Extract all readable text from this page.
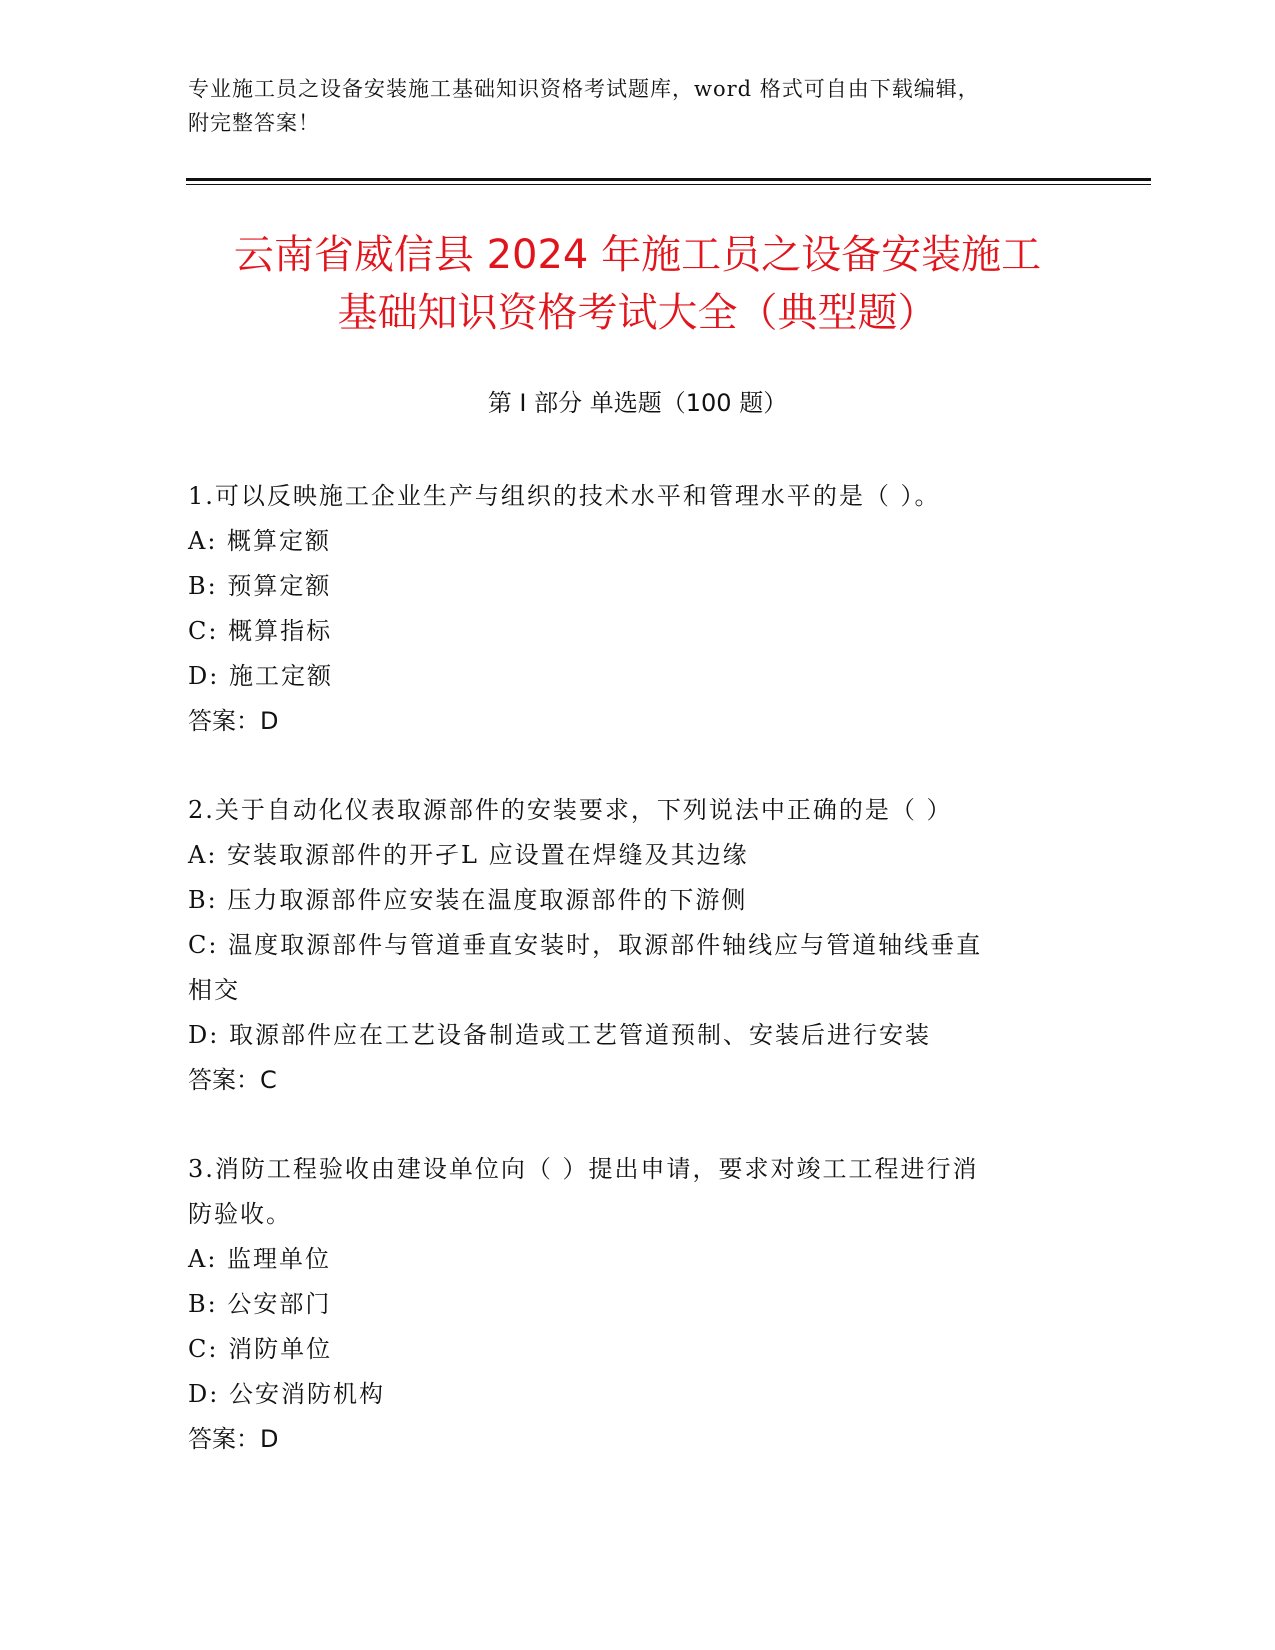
专业施工员之设备安装施工基础知识资格考试题库，word 格式可自由下载编辑，
附完整答案！
云南省威信县 2024 年施工员之设备安装施工
基础知识资格考试大全（典型题）
第 I 部分 单选题（100 题）

1.可以反映施工企业生产与组织的技术水平和管理水平的是（ ）。

A: 概算定额

B: 预算定额

C: 概算指标

D: 施工定额

答案：D

2.关于自动化仪表取源部件的安装要求，下列说法中正确的是（ ）

A: 安装取源部件的开孑L 应设置在焊缝及其边缘

B: 压力取源部件应安装在温度取源部件的下游侧

C: 温度取源部件与管道垂直安装时，取源部件轴线应与管道轴线垂直

相交

D: 取源部件应在工艺设备制造或工艺管道预制、安装后进行安装

答案：C

3.消防工程验收由建设单位向（ ）提出申请，要求对竣工工程进行消

防验收。

A: 监理单位

B: 公安部门

C: 消防单位

D: 公安消防机构

答案：D
